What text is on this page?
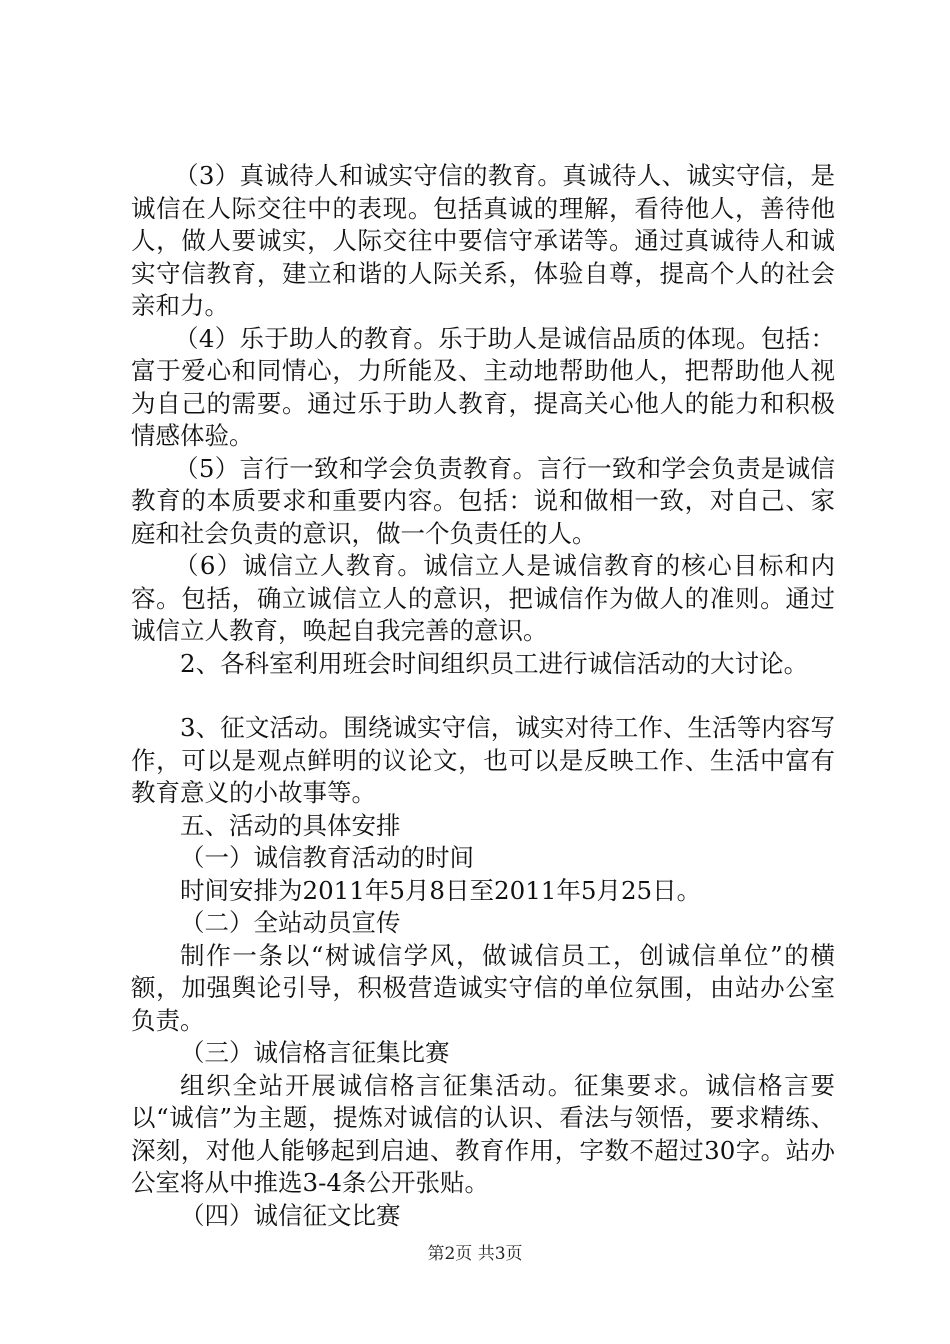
（3）真诚待人和诚实守信的教育。真诚待人、诚实守信，是诚信在人际交往中的表现。包括真诚的理解，看待他人，善待他人，做人要诚实，人际交往中要信守承诺等。通过真诚待人和诚实守信教育，建立和谐的人际关系，体验自尊，提高个人的社会亲和力。

（4）乐于助人的教育。乐于助人是诚信品质的体现。包括：富于爱心和同情心，力所能及、主动地帮助他人，把帮助他人视为自己的需要。通过乐于助人教育，提高关心他人的能力和积极情感体验。

（5）言行一致和学会负责教育。言行一致和学会负责是诚信教育的本质要求和重要内容。包括：说和做相一致，对自己、家庭和社会负责的意识，做一个负责任的人。

（6）诚信立人教育。诚信立人是诚信教育的核心目标和内容。包括，确立诚信立人的意识，把诚信作为做人的准则。通过诚信立人教育，唤起自我完善的意识。

2、各科室利用班会时间组织员工进行诚信活动的大讨论。

3、征文活动。围绕诚实守信，诚实对待工作、生活等内容写作，可以是观点鲜明的议论文，也可以是反映工作、生活中富有教育意义的小故事等。

五、活动的具体安排

（一）诚信教育活动的时间

时间安排为2011年5月8日至2011年5月25日。

（二）全站动员宣传

制作一条以“树诚信学风，做诚信员工，创诚信单位”的横额，加强舆论引导，积极营造诚实守信的单位氛围，由站办公室负责。

（三）诚信格言征集比赛

组织全站开展诚信格言征集活动。征集要求。诚信格言要以“诚信”为主题，提炼对诚信的认识、看法与领悟，要求精练、深刻，对他人能够起到启迪、教育作用，字数不超过30字。站办公室将从中推选3-4条公开张贴。

（四）诚信征文比赛

第2页 共3页
